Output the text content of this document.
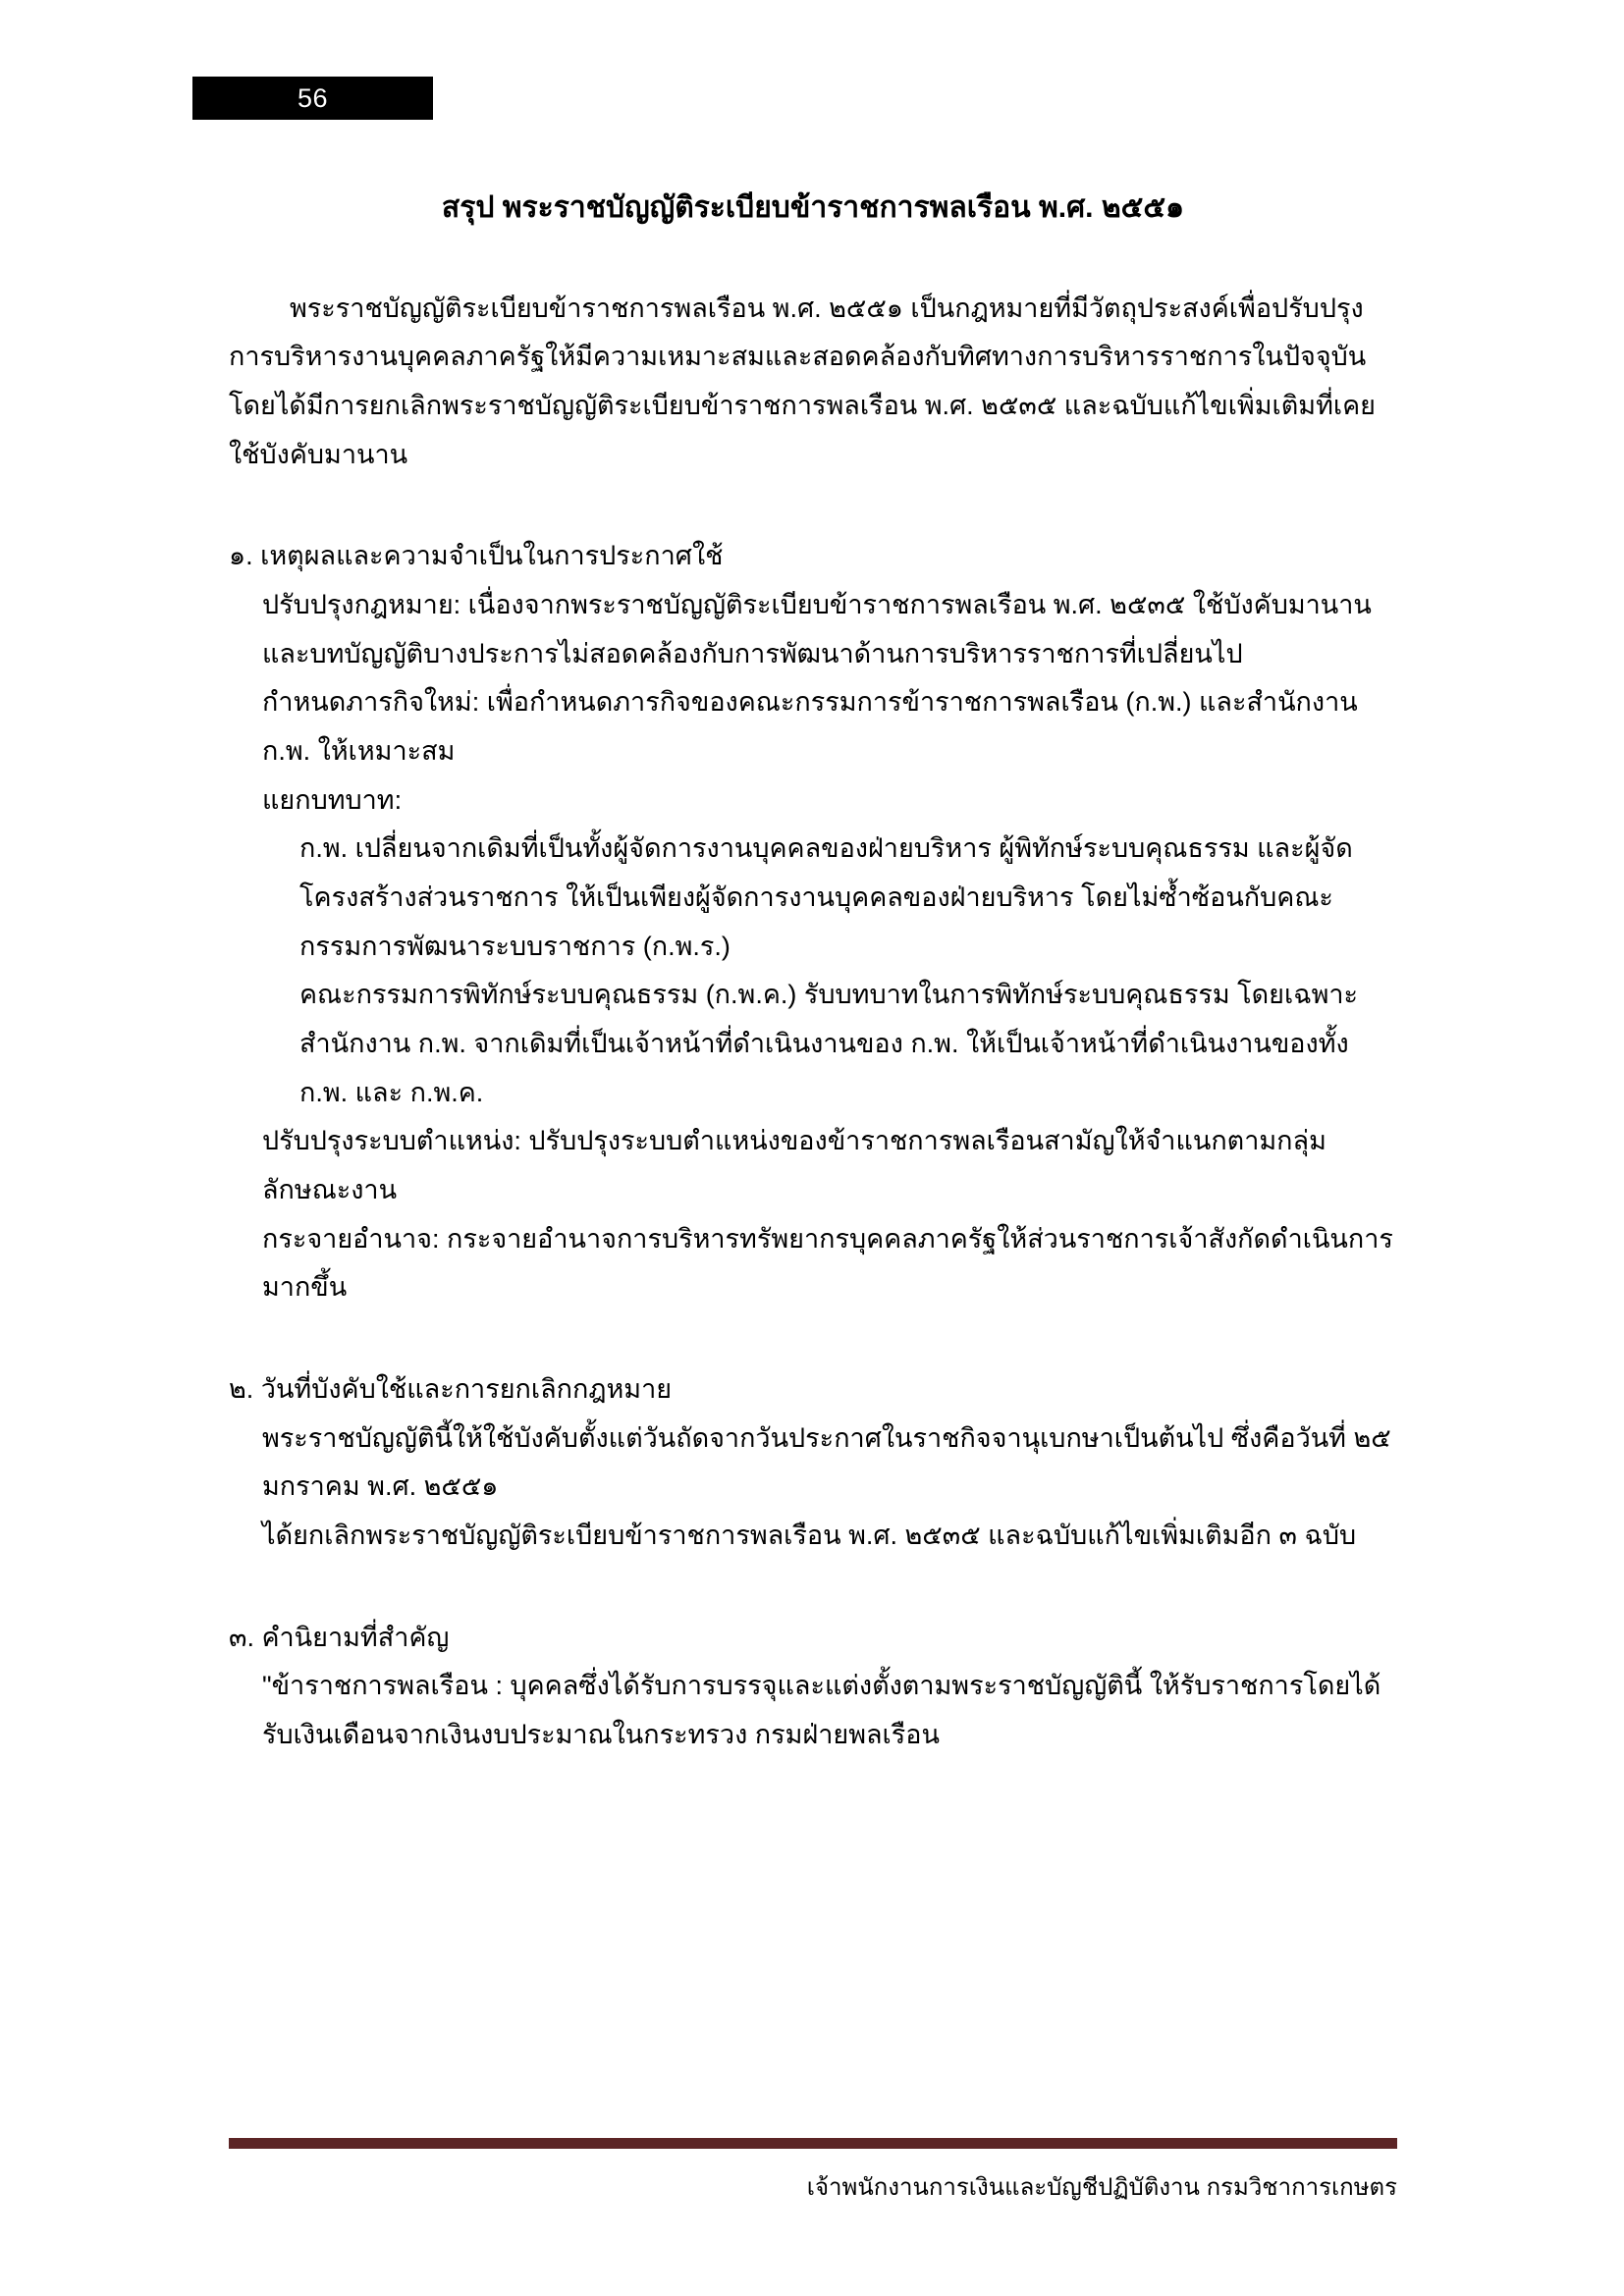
56
สรุป พระราชบัญญัติระเบียบข้าราชการพลเรือน พ.ศ. ๒๕๕๑

พระราชบัญญัติระเบียบข้าราชการพลเรือน พ.ศ. ๒๕๕๑ เป็นกฎหมายที่มีวัตถุประสงค์เพื่อปรับปรุงการบริหารงานบุคคลภาครัฐให้มีความเหมาะสมและสอดคล้องกับทิศทางการบริหารราชการในปัจจุบัน โดยได้มีการยกเลิกพระราชบัญญัติระเบียบข้าราชการพลเรือน พ.ศ. ๒๕๓๕ และฉบับแก้ไขเพิ่มเติมที่เคยใช้บังคับมานาน

๑. เหตุผลและความจำเป็นในการประกาศใช้

ปรับปรุงกฎหมาย: เนื่องจากพระราชบัญญัติระเบียบข้าราชการพลเรือน พ.ศ. ๒๕๓๕ ใช้บังคับมานานและบทบัญญัติบางประการไม่สอดคล้องกับการพัฒนาด้านการบริหารราชการที่เปลี่ยนไป

กำหนดภารกิจใหม่: เพื่อกำหนดภารกิจของคณะกรรมการข้าราชการพลเรือน (ก.พ.) และสำนักงาน ก.พ. ให้เหมาะสม

แยกบทบาท:

ก.พ. เปลี่ยนจากเดิมที่เป็นทั้งผู้จัดการงานบุคคลของฝ่ายบริหาร ผู้พิทักษ์ระบบคุณธรรม และผู้จัดโครงสร้างส่วนราชการ ให้เป็นเพียงผู้จัดการงานบุคคลของฝ่ายบริหาร โดยไม่ซ้ำซ้อนกับคณะกรรมการพัฒนาระบบราชการ (ก.พ.ร.)

คณะกรรมการพิทักษ์ระบบคุณธรรม (ก.พ.ค.) รับบทบาทในการพิทักษ์ระบบคุณธรรม โดยเฉพาะ

สำนักงาน ก.พ. จากเดิมที่เป็นเจ้าหน้าที่ดำเนินงานของ ก.พ. ให้เป็นเจ้าหน้าที่ดำเนินงานของทั้ง ก.พ. และ ก.พ.ค.

ปรับปรุงระบบตำแหน่ง: ปรับปรุงระบบตำแหน่งของข้าราชการพลเรือนสามัญให้จำแนกตามกลุ่มลักษณะงาน

กระจายอำนาจ: กระจายอำนาจการบริหารทรัพยากรบุคคลภาครัฐให้ส่วนราชการเจ้าสังกัดดำเนินการมากขึ้น

๒. วันที่บังคับใช้และการยกเลิกกฎหมาย

พระราชบัญญัตินี้ให้ใช้บังคับตั้งแต่วันถัดจากวันประกาศในราชกิจจานุเบกษาเป็นต้นไป ซึ่งคือวันที่ ๒๕ มกราคม พ.ศ. ๒๕๕๑

ได้ยกเลิกพระราชบัญญัติระเบียบข้าราชการพลเรือน พ.ศ. ๒๕๓๕ และฉบับแก้ไขเพิ่มเติมอีก ๓ ฉบับ

๓. คำนิยามที่สำคัญ

"ข้าราชการพลเรือน : บุคคลซึ่งได้รับการบรรจุและแต่งตั้งตามพระราชบัญญัตินี้ ให้รับราชการโดยได้รับเงินเดือนจากเงินงบประมาณในกระทรวง กรมฝ่ายพลเรือน

เจ้าพนักงานการเงินและบัญชีปฏิบัติงาน กรมวิชาการเกษตร
